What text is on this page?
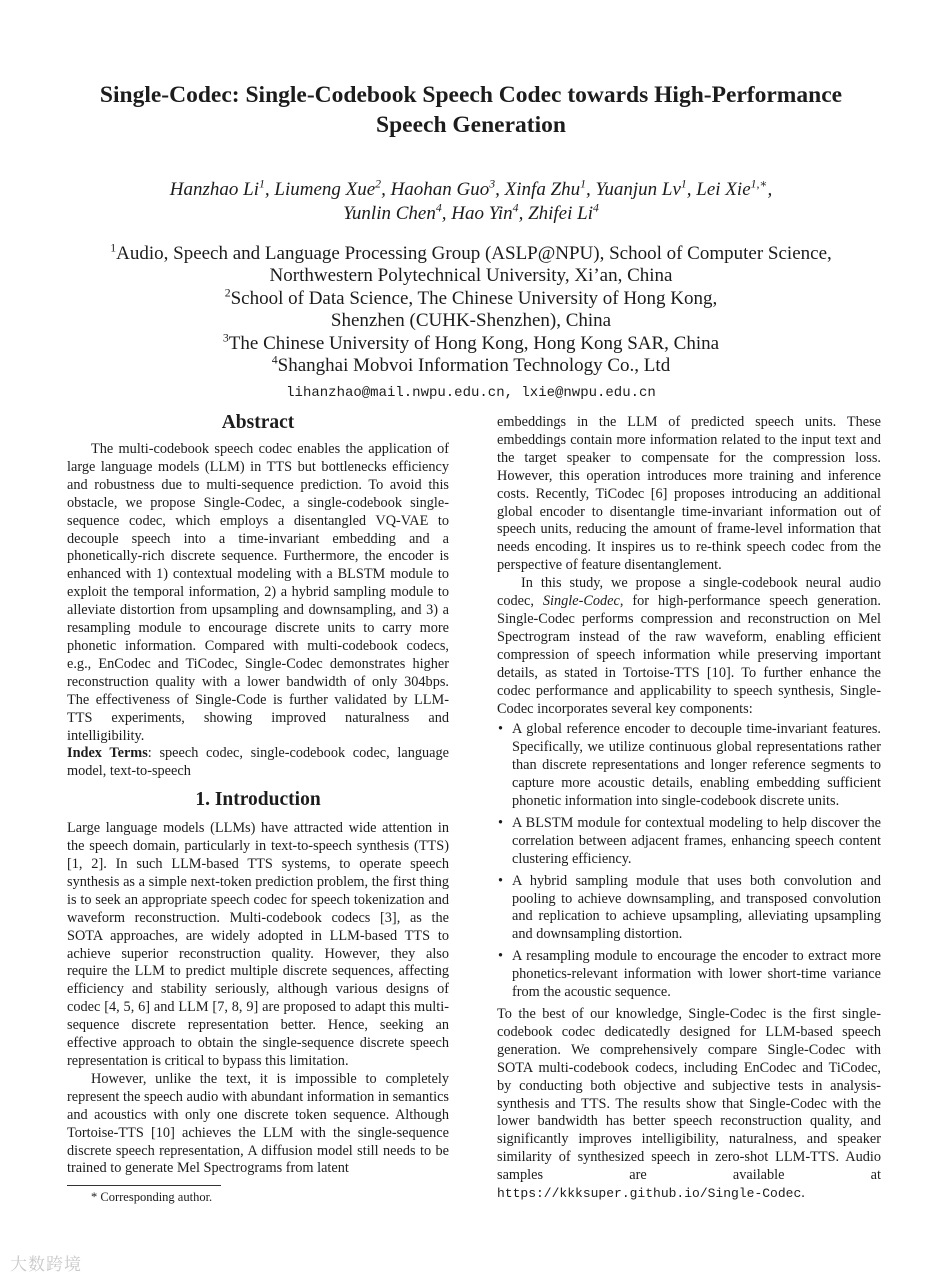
Single-Codec: Single-Codebook Speech Codec towards High-Performance
Speech Generation
Hanzhao Li$^1$, Liumeng Xue$^2$, Haohan Guo$^3$, Xinfa Zhu$^1$, Yuanjun Lv$^1$, Lei Xie$^{1,∗}$,
Yunlin Chen$^4$, Hao Yin$^4$, Zhifei Li$^4$
$^1$Audio, Speech and Language Processing Group (ASLP@NPU), School of Computer Science,
Northwestern Polytechnical University, Xi’an, China
$^2$School of Data Science, The Chinese University of Hong Kong,
Shenzhen (CUHK-Shenzhen), China
$^3$The Chinese University of Hong Kong, Hong Kong SAR, China
$^4$Shanghai Mobvoi Information Technology Co., Ltd
lihanzhao@mail.nwpu.edu.cn, lxie@nwpu.edu.cn
Abstract

The multi-codebook speech codec enables the application of large language models (LLM) in TTS but bottlenecks efficiency and robustness due to multi-sequence prediction. To avoid this obstacle, we propose Single-Codec, a single-codebook single-sequence codec, which employs a disentangled VQ-VAE to decouple speech into a time-invariant embedding and a phonetically-rich discrete sequence. Furthermore, the encoder is enhanced with 1) contextual modeling with a BLSTM module to exploit the temporal information, 2) a hybrid sampling module to alleviate distortion from upsampling and downsampling, and 3) a resampling module to encourage discrete units to carry more phonetic information. Compared with multi-codebook codecs, e.g., EnCodec and TiCodec, Single-Codec demonstrates higher reconstruction quality with a lower bandwidth of only 304bps. The effectiveness of Single-Code is further validated by LLM-TTS experiments, showing improved naturalness and intelligibility.

Index Terms: speech codec, single-codebook codec, language model, text-to-speech

1. Introduction

Large language models (LLMs) have attracted wide attention in the speech domain, particularly in text-to-speech synthesis (TTS) [1, 2]. In such LLM-based TTS systems, to operate speech synthesis as a simple next-token prediction problem, the first thing is to seek an appropriate speech codec for speech tokenization and waveform reconstruction. Multi-codebook codecs [3], as the SOTA approaches, are widely adopted in LLM-based TTS to achieve superior reconstruction quality. However, they also require the LLM to predict multiple discrete sequences, affecting efficiency and stability seriously, although various designs of codec [4, 5, 6] and LLM [7, 8, 9] are proposed to adapt this multi-sequence discrete representation better. Hence, seeking an effective approach to obtain the single-sequence discrete speech representation is critical to bypass this limitation.

However, unlike the text, it is impossible to completely represent the speech audio with abundant information in semantics and acoustics with only one discrete token sequence. Although Tortoise-TTS [10] achieves the LLM with the single-sequence discrete speech representation, A diffusion model still needs to be trained to generate Mel Spectrograms from latent

embeddings in the LLM of predicted speech units. These embeddings contain more information related to the input text and the target speaker to compensate for the compression loss. However, this operation introduces more training and inference costs. Recently, TiCodec [6] proposes introducing an additional global encoder to disentangle time-invariant information out of speech units, reducing the amount of frame-level information that needs encoding. It inspires us to re-think speech codec from the perspective of feature disentanglement.

In this study, we propose a single-codebook neural audio codec, Single-Codec, for high-performance speech generation. Single-Codec performs compression and reconstruction on Mel Spectrogram instead of the raw waveform, enabling efficient compression of speech information while preserving important details, as stated in Tortoise-TTS [10]. To further enhance the codec performance and applicability to speech synthesis, Single-Codec incorporates several key components:

• A global reference encoder to decouple time-invariant features. Specifically, we utilize continuous global representations rather than discrete representations and longer reference segments to capture more acoustic details, enabling embedding sufficient phonetic information into single-codebook discrete units.
• A BLSTM module for contextual modeling to help discover the correlation between adjacent frames, enhancing speech content clustering efficiency.
• A hybrid sampling module that uses both convolution and pooling to achieve downsampling, and transposed convolution and replication to achieve upsampling, alleviating upsampling and downsampling distortion.
• A resampling module to encourage the encoder to extract more phonetics-relevant information with lower short-time variance from the acoustic sequence.

To the best of our knowledge, Single-Codec is the first single-codebook codec dedicatedly designed for LLM-based speech generation. We comprehensively compare Single-Codec with SOTA multi-codebook codecs, including EnCodec and TiCodec, by conducting both objective and subjective tests in analysis-synthesis and TTS. The results show that Single-Codec with the lower bandwidth has better speech reconstruction quality, and significantly improves intelligibility, naturalness, and speaker similarity of synthesized speech in zero-shot LLM-TTS. Audio samples are available at https://kkksuper.github.io/Single-Codec.

* Corresponding author.
大数跨境
